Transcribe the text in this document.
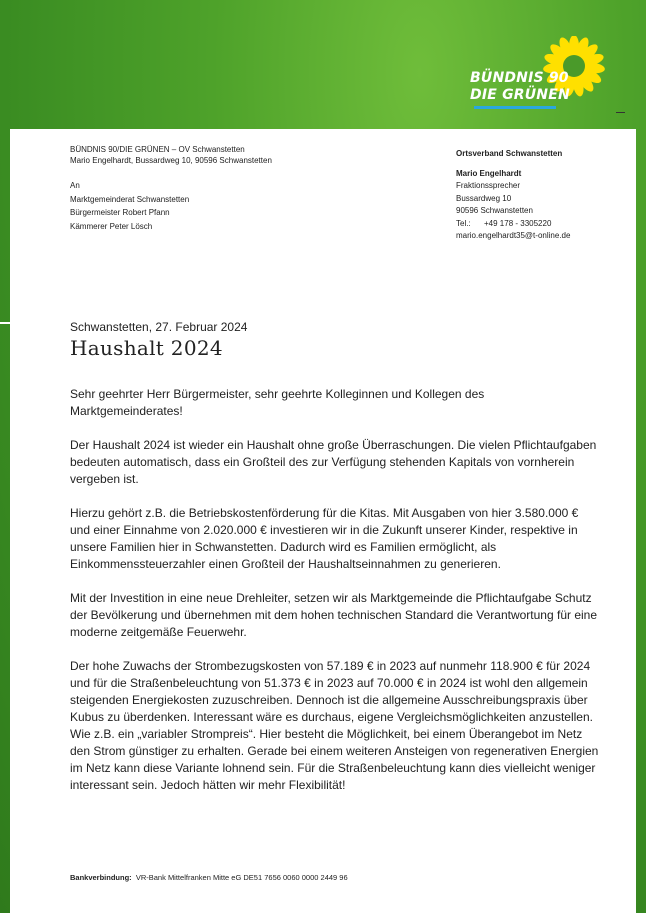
BÜNDNIS 90
DIE GRÜNEN
BÜNDNIS 90/DIE GRÜNEN – OV Schwanstetten
Mario Engelhardt, Bussardweg 10, 90596 Schwanstetten
An
Marktgemeinderat Schwanstetten
Bürgermeister Robert Pfann
Kämmerer Peter Lösch
Ortsverband Schwanstetten
Mario Engelhardt
Fraktionssprecher
Bussardweg 10
90596 Schwanstetten
Tel.: +49 178 - 3305220
mario.engelhardt35@t-online.de
Schwanstetten, 27. Februar 2024
Haushalt 2024

Sehr geehrter Herr Bürgermeister, sehr geehrte Kolleginnen und Kollegen des Marktgemeinderates!

Der Haushalt 2024 ist wieder ein Haushalt ohne große Überraschungen. Die vielen Pflichtaufgaben bedeuten automatisch, dass ein Großteil des zur Verfügung stehenden Kapitals von vornherein vergeben ist.

Hierzu gehört z.B. die Betriebskostenförderung für die Kitas. Mit Ausgaben von hier 3.580.000 € und einer Einnahme von 2.020.000 € investieren wir in die Zukunft unserer Kinder, respektive in unsere Familien hier in Schwanstetten. Dadurch wird es Familien ermöglicht, als Einkommenssteuerzahler einen Großteil der Haushaltseinnahmen zu generieren.

Mit der Investition in eine neue Drehleiter, setzen wir als Marktgemeinde die Pflichtaufgabe Schutz der Bevölkerung und übernehmen mit dem hohen technischen Standard die Verantwortung für eine moderne zeitgemäße Feuerwehr.

Der hohe Zuwachs der Strombezugskosten von 57.189 € in 2023 auf nunmehr 118.900 € für 2024 und für die Straßenbeleuchtung von 51.373 € in 2023 auf 70.000 € in 2024 ist wohl den allgemein steigenden Energiekosten zuzuschreiben. Dennoch ist die allgemeine Ausschreibungspraxis über Kubus zu überdenken. Interessant wäre es durchaus, eigene Vergleichsmöglichkeiten anzustellen. Wie z.B. ein „variabler Strompreis“. Hier besteht die Möglichkeit, bei einem Überangebot im Netz den Strom günstiger zu erhalten. Gerade bei einem weiteren Ansteigen von regenerativen Energien im Netz kann diese Variante lohnend sein. Für die Straßenbeleuchtung kann dies vielleicht weniger interessant sein. Jedoch hätten wir mehr Flexibilität!

Bankverbindung: VR-Bank Mittelfranken Mitte eG DE51 7656 0060 0000 2449 96
